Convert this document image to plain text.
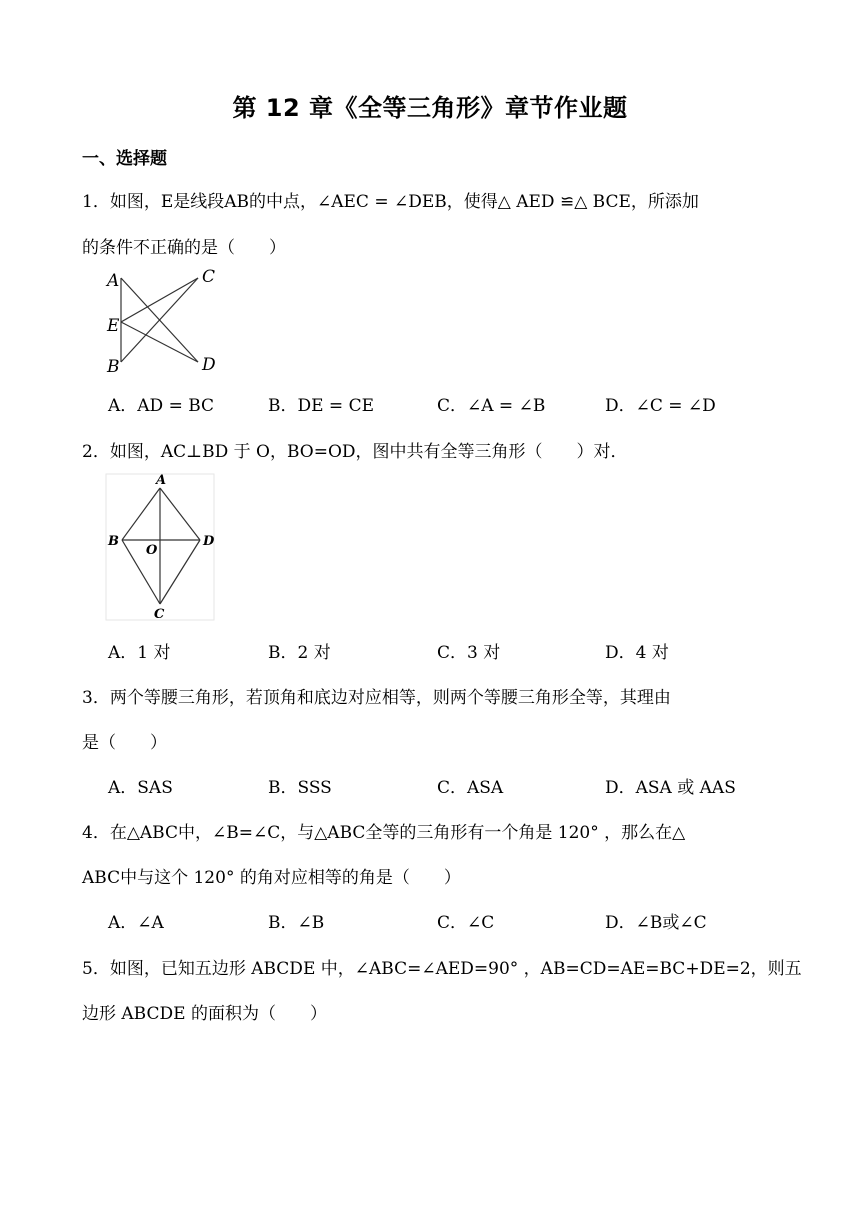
第 12 章《全等三角形》章节作业题
一、选择题
1．如图，E是线段AB的中点，∠AEC = ∠DEB，使得△ AED ≌△ BCE，所添加
的条件不正确的是（　　）
A	C
E
B	D
A．AD = BC	B．DE = CE	C．∠A = ∠B	D．∠C = ∠D
2．如图，AC⊥BD 于 O，BO=OD，图中共有全等三角形（　　）对．
A
B
O
D
C
A．1 对	B．2 对	C．3 对	D．4 对
3．两个等腰三角形，若顶角和底边对应相等，则两个等腰三角形全等，其理由
是（　　）
A．SAS	B．SSS	C．ASA	D．ASA 或 AAS
4．在△ABC中，∠B=∠C，与△ABC全等的三角形有一个角是 120° ，那么在△
ABC中与这个 120° 的角对应相等的角是（　　）
A．∠A	B．∠B	C．∠C	D．∠B或∠C
5．如图，已知五边形 ABCDE 中，∠ABC=∠AED=90° ，AB=CD=AE=BC+DE=2，则五
边形 ABCDE 的面积为（　　）
